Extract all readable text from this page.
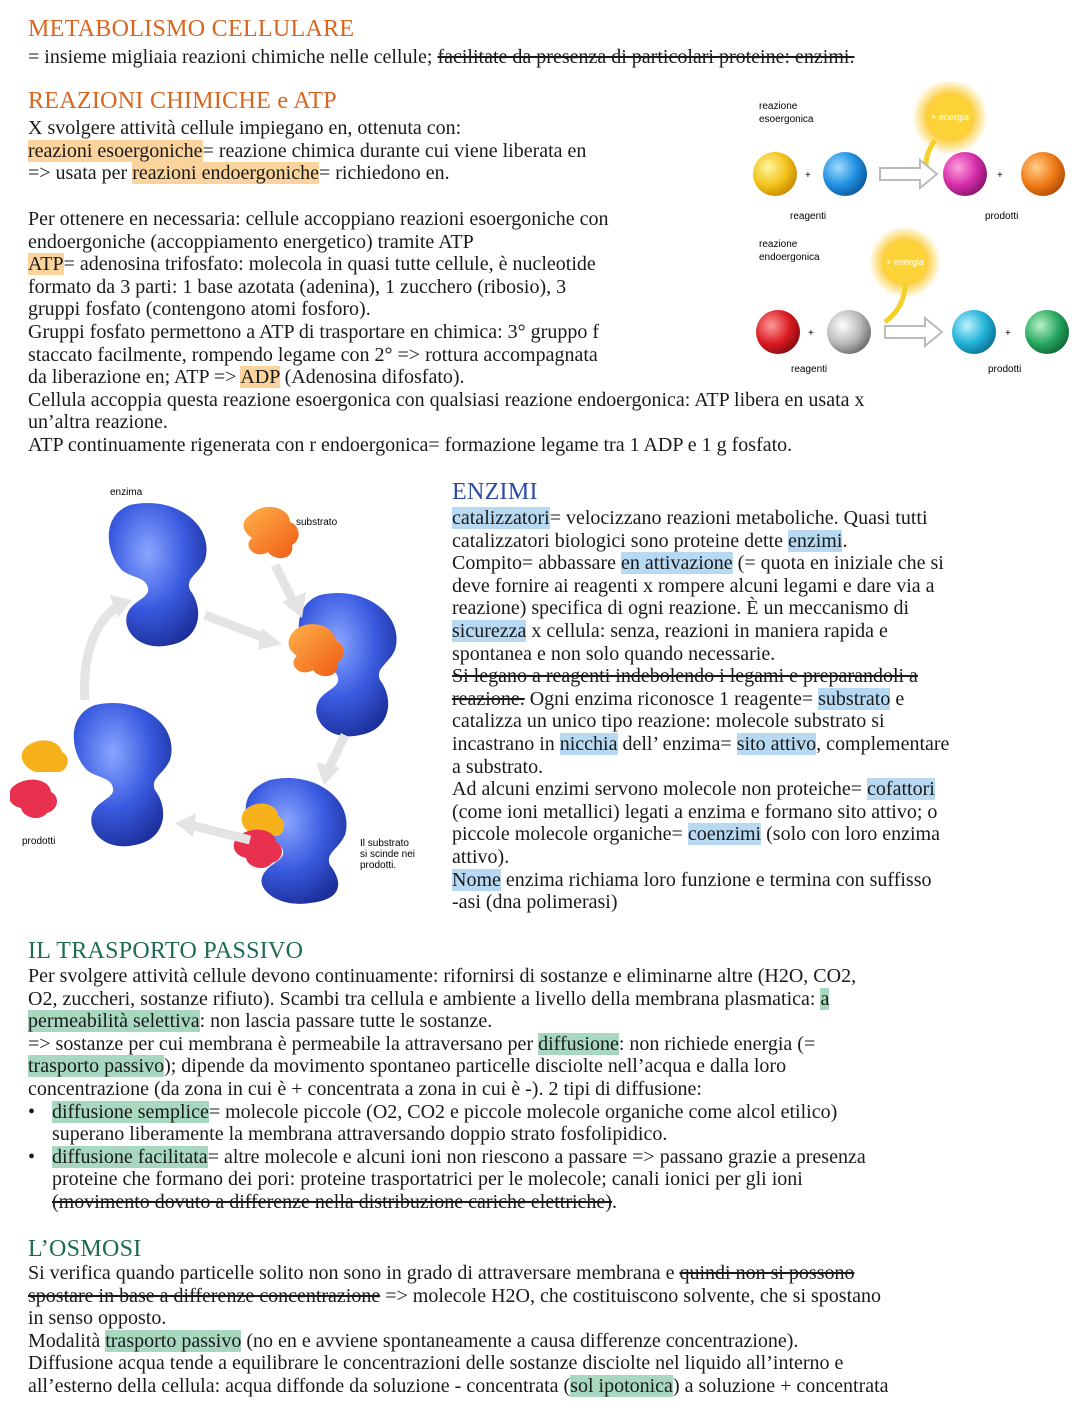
METABOLISMO CELLULARE
= insieme migliaia reazioni chimiche nelle cellule; facilitate da presenza di particolari proteine: enzimi.
REAZIONI CHIMICHE e ATP
X svolgere attività cellule impiegano en, ottenuta con:
reazioni esoergoniche= reazione chimica durante cui viene liberata en
=> usata per reazioni endoergoniche= richiedono en.
Per ottenere en necessaria: cellule accoppiano reazioni esoergoniche con
endoergoniche (accoppiamento energetico) tramite ATP
ATP= adenosina trifosfato: molecola in quasi tutte cellule, è nucleotide
formato da 3 parti: 1 base azotata (adenina), 1 zucchero (ribosio), 3
gruppi fosfato (contengono atomi fosforo).
Gruppi fosfato permettono a ATP di trasportare en chimica: 3° gruppo f
staccato facilmente, rompendo legame con 2° => rottura accompagnata
da liberazione en; ATP => ADP (Adenosina difosfato).
Cellula accoppia questa reazione esoergonica con qualsiasi reazione endoergonica: ATP libera en usata x
un’altra reazione.
ATP continuamente rigenerata con r endoergonica= formazione legame tra 1 ADP e 1 g fosfato.
reazione
esoergonica	+ energia
+	+
reagenti	prodotti
reazione
endoergonica	+ energia
+	+
reagenti	prodotti
enzima
substrato
prodotti	Il substrato
si scinde nei
prodotti.
ENZIMI
catalizzatori= velocizzano reazioni metaboliche. Quasi tutti
catalizzatori biologici sono proteine dette enzimi.
Compito= abbassare en attivazione (= quota en iniziale che si
deve fornire ai reagenti x rompere alcuni legami e dare via a
reazione) specifica di ogni reazione. È un meccanismo di
sicurezza x cellula: senza, reazioni in maniera rapida e
spontanea e non solo quando necessarie.
Si legano a reagenti indebolendo i legami e preparandoli a
reazione. Ogni enzima riconosce 1 reagente= substrato e
catalizza un unico tipo reazione: molecole substrato si
incastrano in nicchia dell’ enzima= sito attivo, complementare
a substrato.
Ad alcuni enzimi servono molecole non proteiche= cofattori
(come ioni metallici) legati a enzima e formano sito attivo; o
piccole molecole organiche= coenzimi (solo con loro enzima
attivo).
Nome enzima richiama loro funzione e termina con suffisso
-asi (dna polimerasi)
IL TRASPORTO PASSIVO
Per svolgere attività cellule devono continuamente: rifornirsi di sostanze e eliminarne altre (H2O, CO2,
O2, zuccheri, sostanze rifiuto). Scambi tra cellula e ambiente a livello della membrana plasmatica: a
permeabilità selettiva: non lascia passare tutte le sostanze.
=> sostanze per cui membrana è permeabile la attraversano per diffusione: non richiede energia (=
trasporto passivo); dipende da movimento spontaneo particelle disciolte nell’acqua e dalla loro
concentrazione (da zona in cui è + concentrata a zona in cui è -). 2 tipi di diffusione:
• diffusione semplice= molecole piccole (O2, CO2 e piccole molecole organiche come alcol etilico)
superano liberamente la membrana attraversando doppio strato fosfolipidico.
• diffusione facilitata= altre molecole e alcuni ioni non riescono a passare => passano grazie a presenza
proteine che formano dei pori: proteine trasportatrici per le molecole; canali ionici per gli ioni
(movimento dovuto a differenze nella distribuzione cariche elettriche).
L’OSMOSI
Si verifica quando particelle solito non sono in grado di attraversare membrana e quindi non si possono
spostare in base a differenze concentrazione => molecole H2O, che costituiscono solvente, che si spostano
in senso opposto.
Modalità trasporto passivo (no en e avviene spontaneamente a causa differenze concentrazione).
Diffusione acqua tende a equilibrare le concentrazioni delle sostanze disciolte nel liquido all’interno e
all’esterno della cellula: acqua diffonde da soluzione - concentrata (sol ipotonica) a soluzione + concentrata
